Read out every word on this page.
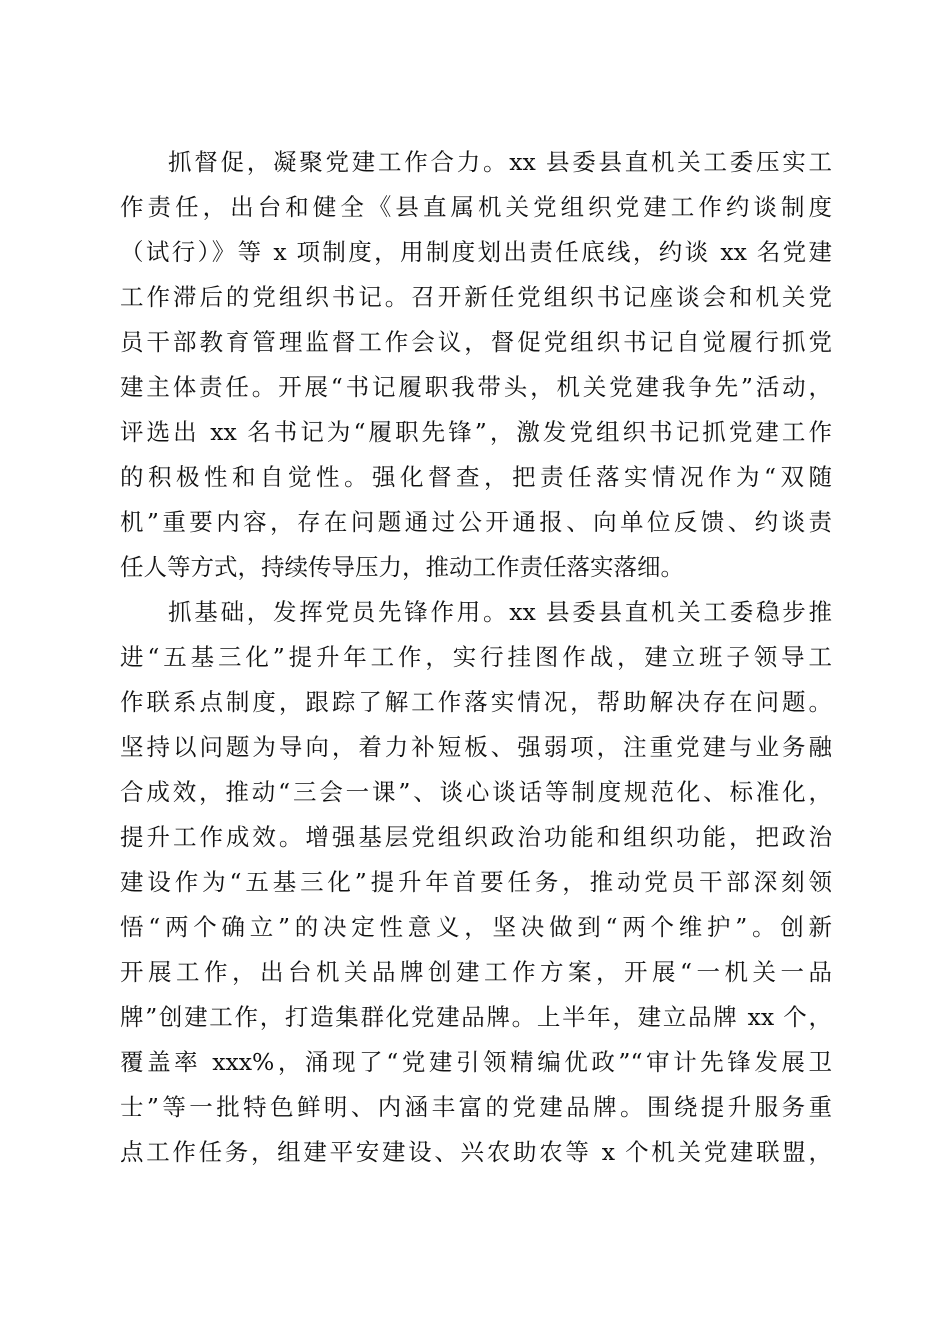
抓督促，凝聚党建工作合力。xx 县委县直机关工委压实工
作责任，出台和健全《县直属机关党组织党建工作约谈制度
（试行）》等 x 项制度，用制度划出责任底线，约谈 xx 名党建
工作滞后的党组织书记。召开新任党组织书记座谈会和机关党
员干部教育管理监督工作会议，督促党组织书记自觉履行抓党
建主体责任。开展“书记履职我带头，机关党建我争先”活动，
评选出 xx 名书记为“履职先锋”，激发党组织书记抓党建工作
的积极性和自觉性。强化督查，把责任落实情况作为“双随
机”重要内容，存在问题通过公开通报、向单位反馈、约谈责
任人等方式，持续传导压力，推动工作责任落实落细。
抓基础，发挥党员先锋作用。xx 县委县直机关工委稳步推
进“五基三化”提升年工作，实行挂图作战，建立班子领导工
作联系点制度，跟踪了解工作落实情况，帮助解决存在问题。
坚持以问题为导向，着力补短板、强弱项，注重党建与业务融
合成效，推动“三会一课”、谈心谈话等制度规范化、标准化，
提升工作成效。增强基层党组织政治功能和组织功能，把政治
建设作为“五基三化”提升年首要任务，推动党员干部深刻领
悟“两个确立”的决定性意义，坚决做到“两个维护”。创新
开展工作，出台机关品牌创建工作方案，开展“一机关一品
牌”创建工作，打造集群化党建品牌。上半年，建立品牌 xx 个，
覆盖率 xxx%，涌现了“党建引领精编优政”“审计先锋发展卫
士”等一批特色鲜明、内涵丰富的党建品牌。围绕提升服务重
点工作任务，组建平安建设、兴农助农等 x 个机关党建联盟，
